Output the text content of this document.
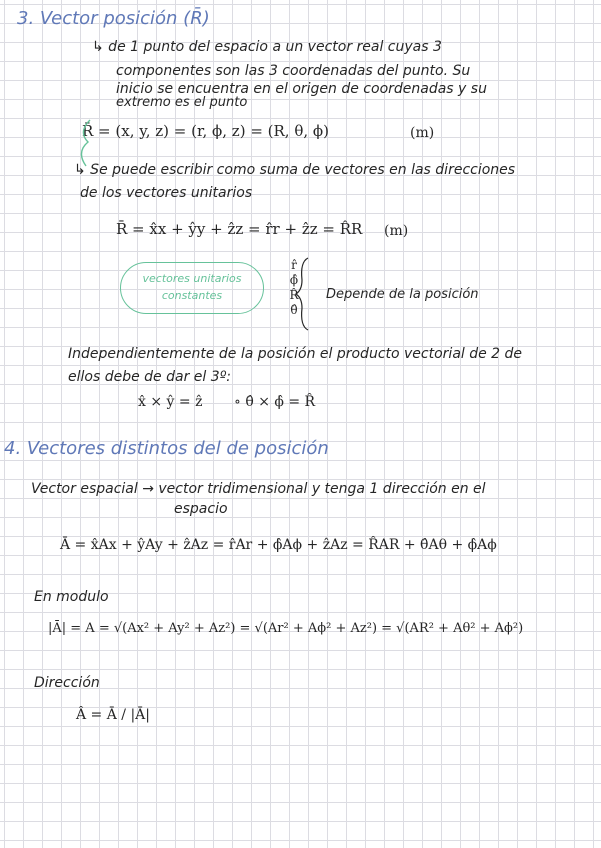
3. Vector posición (R̄)
↳ de 1 punto del espacio a un vector real cuyas 3
componentes son las 3 coordenadas del punto. Su
inicio se encuentra en el origen de coordenadas y su
extremo es el punto
R̄ = (x, y, z) = (r, ϕ, z) = (R, θ, ϕ)	(m)
↳ Se puede escribir como suma de vectores en las direcciones
de los vectores unitarios
R̄ = x̂x + ŷy + ẑz = r̂r + ẑz = R̂R (m)
vectores unitarios
constantes
r̂
ϕ̂
R̂
θ̂
Depende de la posición
Independientemente de la posición el producto vectorial de 2 de
ellos debe de dar el 3º:
x̂ × ŷ = ẑ ∘ θ̂ × ϕ̂ = R̂
4. Vectores distintos del de posición
Vector espacial → vector tridimensional y tenga 1 dirección en el
espacio
Ā = x̂Ax + ŷAy + ẑAz = r̂Ar + ϕ̂Aϕ + ẑAz = R̂AR + θ̂Aθ + ϕ̂Aϕ
En modulo
|Ā| = A = √(Ax² + Ay² + Az²) = √(Ar² + Aϕ² + Az²) = √(AR² + Aθ² + Aϕ²)
Dirección
Â = Ā / |Ā|
